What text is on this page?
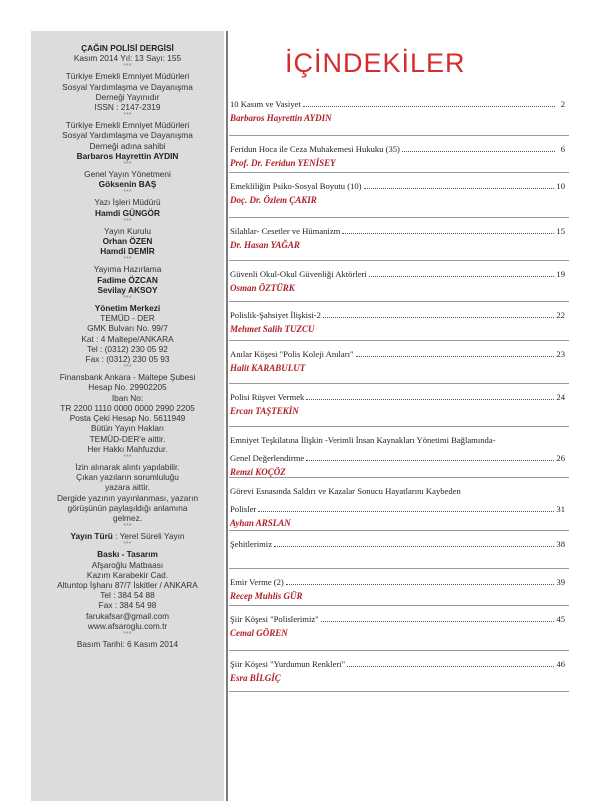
ÇAĞIN POLİSİ DERGİSİ
Kasım 2014 Yıl: 13 Sayı: 155
***
Türkiye Emekli Emniyet Müdürleri
Sosyal Yardımlaşma ve Dayanışma
Derneği Yayınıdır
ISSN : 2147-2319
***
Türkiye Emekli Emniyet Müdürleri
Sosyal Yardımlaşma ve Dayanışma
Derneği adına sahibi
Barbaros Hayrettin AYDIN
***
Genel Yayın Yönetmeni
Göksenin BAŞ
***
Yazı İşleri Müdürü
Hamdi GÜNGÖR
***
Yayın Kurulu
Orhan ÖZEN
Hamdi DEMİR
***
Yayıma Hazırlama
Fadime ÖZCAN
Sevilay AKSOY
***
Yönetim Merkezi
TEMÜD - DER
GMK Bulvarı No. 99/7
Kat : 4 Maltepe/ANKARA
Tel : (0312) 230 05 92
Fax : (0312) 230 05 93
***
Finansbank Ankara - Maltepe Şubesi
Hesap No. 29902205
Iban No:
TR 2200 1110 0000 0000 2990 2205
Posta Çeki Hesap No. 5611949
Bütün Yayın Hakları
TEMÜD-DER'e aittir.
Her Hakkı Mahfuzdur.
***
İzin alınarak alıntı yapılabilir.
Çıkan yazıların sorumluluğu
yazara aittir.
Dergide yazının yayınlanması, yazarın
görüşünün paylaşıldığı anlamına
gelmez.
***
Yayın Türü : Yerel Süreli Yayın
***
Baskı - Tasarım
Afşaroğlu Matbaası
Kazım Karabekir Cad.
Altuntop İşhanı 87/7 İskitler / ANKARA
Tel : 384 54 88
Fax : 384 54 98
farukafsar@gmail.com
www.afsaroglu.com.tr
***
Basım Tarihi: 6 Kasım 2014
İÇİNDEKİLER
10 Kasım ve Vasiyet	2
Barbaros Hayrettin AYDIN
Feridun Hoca ile Ceza Muhakemesi Hukuku (35)	6
Prof. Dr. Feridun YENİSEY
Emekliliğin Psiko-Sosyal Boyutu (10)	10
Doç. Dr. Özlem ÇAKIR
Silahlar- Cesetler ve Hümanizm	15
Dr. Hasan YAĞAR
Güvenli Okul-Okul Güvenliği Aktörleri	19
Osman ÖZTÜRK
Polislik-Şahsiyet İlişkisi-2	22
Mehmet Salih TUZCU
Anılar Köşesi "Polis Koleji Anıları"	23
Halit KARABULUT
Polisi Rüşvet Vermek	24
Ercan TAŞTEKİN
Emniyet Teşkilatına İlişkin -Verimli İnsan Kaynakları Yönetimi Bağlamında-
Genel Değerlendirme	26
Remzi KOÇÖZ
Görevi Esnasında Saldırı ve Kazalar Sonucu Hayatlarını Kaybeden
Polisler	31
Ayhan ARSLAN
Şehitlerimiz	38
Emir Verme (2)	39
Recep Muhlis GÜR
Şiir Köşesi "Polislerimiz"	45
Cemal GÖREN
Şiir Köşesi "Yurdumun Renkleri"	46
Esra BİLGİÇ
